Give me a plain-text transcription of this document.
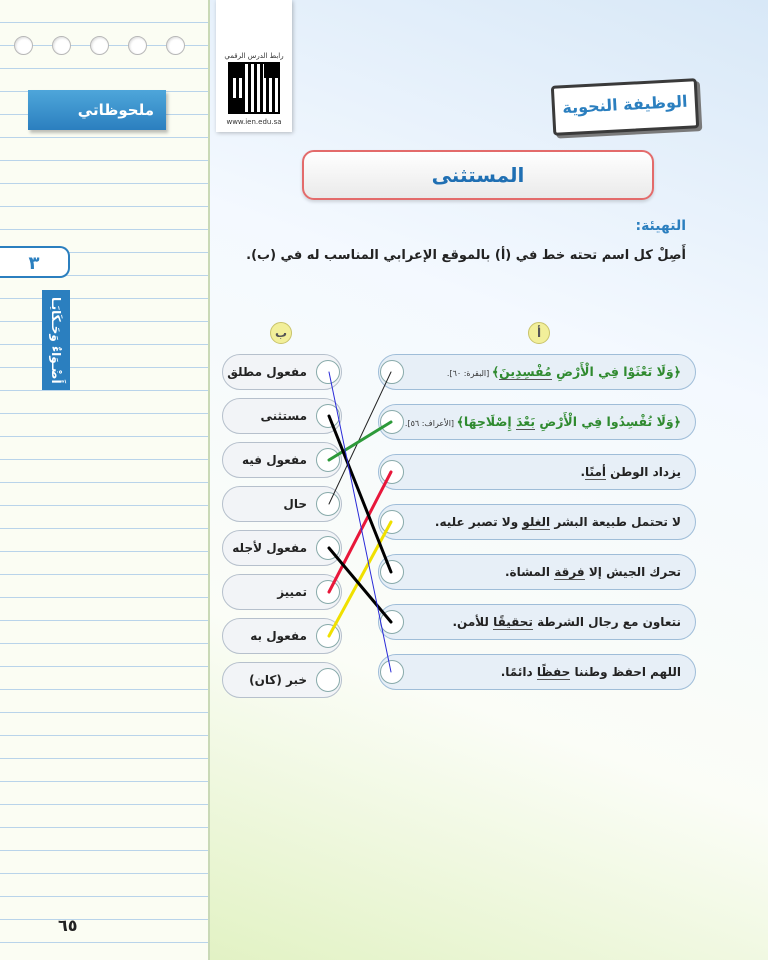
ملحوظاتي
٣
أَضْـوَاءٌ وَحَـكَايَـا
٦٥
رابط الدرس الرقمي
www.ien.edu.sa
الوظيفة النحوية
المستثنى
التهيئة:
أَصِلْ كل اسم تحته خط في (أ) بالموقع الإعرابي المناسب له في (ب).
أ
ب
﴿وَلَا تَعْثَوْا فِي الْأَرْضِ مُفْسِدِينَ﴾ [البقرة: ٦٠].
﴿وَلَا تُفْسِدُوا فِي الْأَرْضِ بَعْدَ إِصْلَاحِهَا﴾ [الأعراف: ٥٦].
يزداد الوطن أمنًا.
لا تحتمل طبيعة البشر الغلو ولا تصبر عليه.
تحرك الجيش إلا فرقة المشاة.
نتعاون مع رجال الشرطة تحقيقًا للأمن.
اللهم احفظ وطننا حفظًا دائمًا.
مفعول مطلق
مستثنى
مفعول فيه
حال
مفعول لأجله
تمييز
مفعول به
خبر (كان)
